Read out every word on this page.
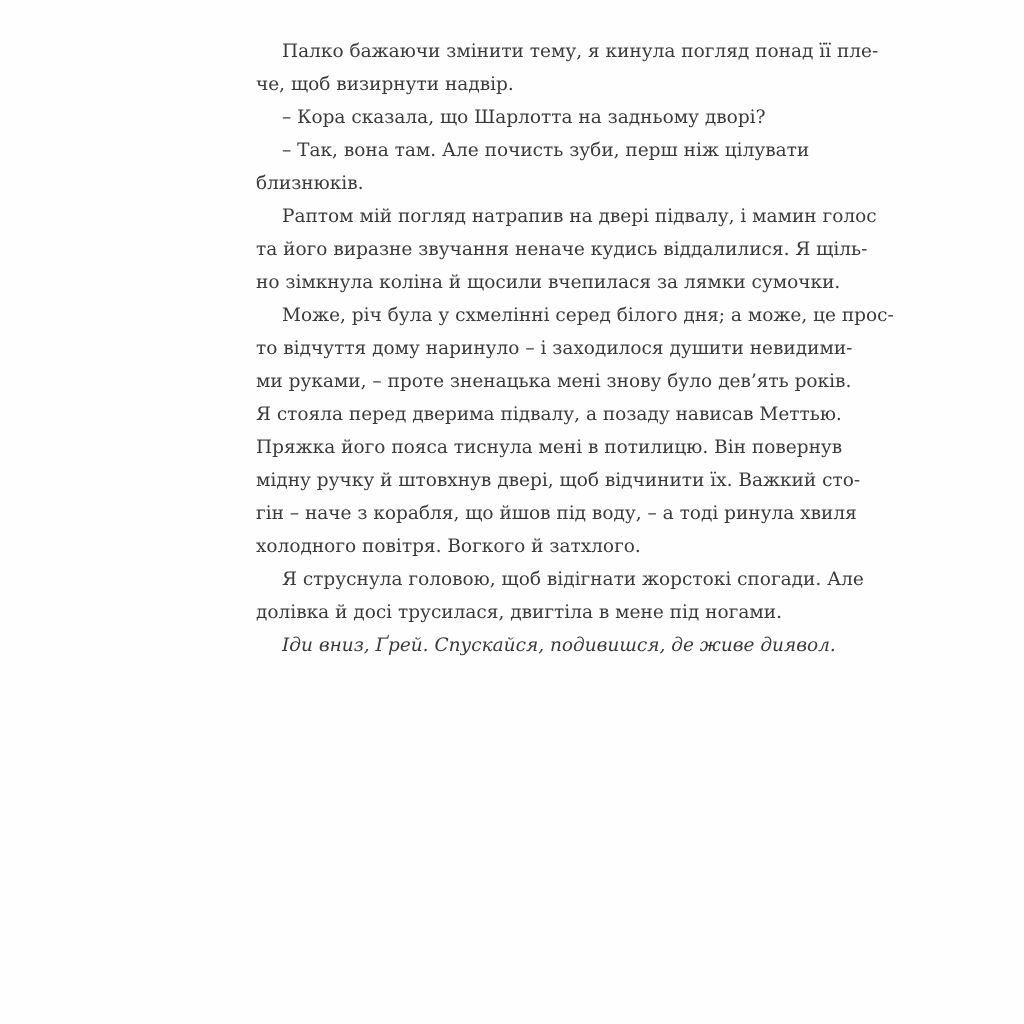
Палко бажаючи змінити тему, я кинула погляд понад її пле-
че, щоб визирнути надвір.
– Кора сказала, що Шарлотта на задньому дворі?
– Так, вона там. Але почисть зуби, перш ніж цілувати
близнюків.
Раптом мій погляд натрапив на двері підвалу, і мамин голос
та його виразне звучання неначе кудись віддалилися. Я щіль-
но зімкнула коліна й щосили вчепилася за лямки сумочки.
Може, річ була у схмелінні серед білого дня; а може, це прос-
то відчуття дому наринуло – і заходилося душити невидими-
ми руками, – проте зненацька мені знову було дев’ять років.
Я стояла перед дверима підвалу, а позаду нависав Меттью.
Пряжка його пояса тиснула мені в потилицю. Він повернув
мідну ручку й штовхнув двері, щоб відчинити їх. Важкий сто-
гін – наче з корабля, що йшов під воду, – а тоді ринула хвиля
холодного повітря. Вогкого й затхлого.
Я струснула головою, щоб відігнати жорстокі спогади. Але
долівка й досі трусилася, двигтіла в мене під ногами.
Іди вниз, Ґрей. Спускайся, подивишся, де живе диявол.
